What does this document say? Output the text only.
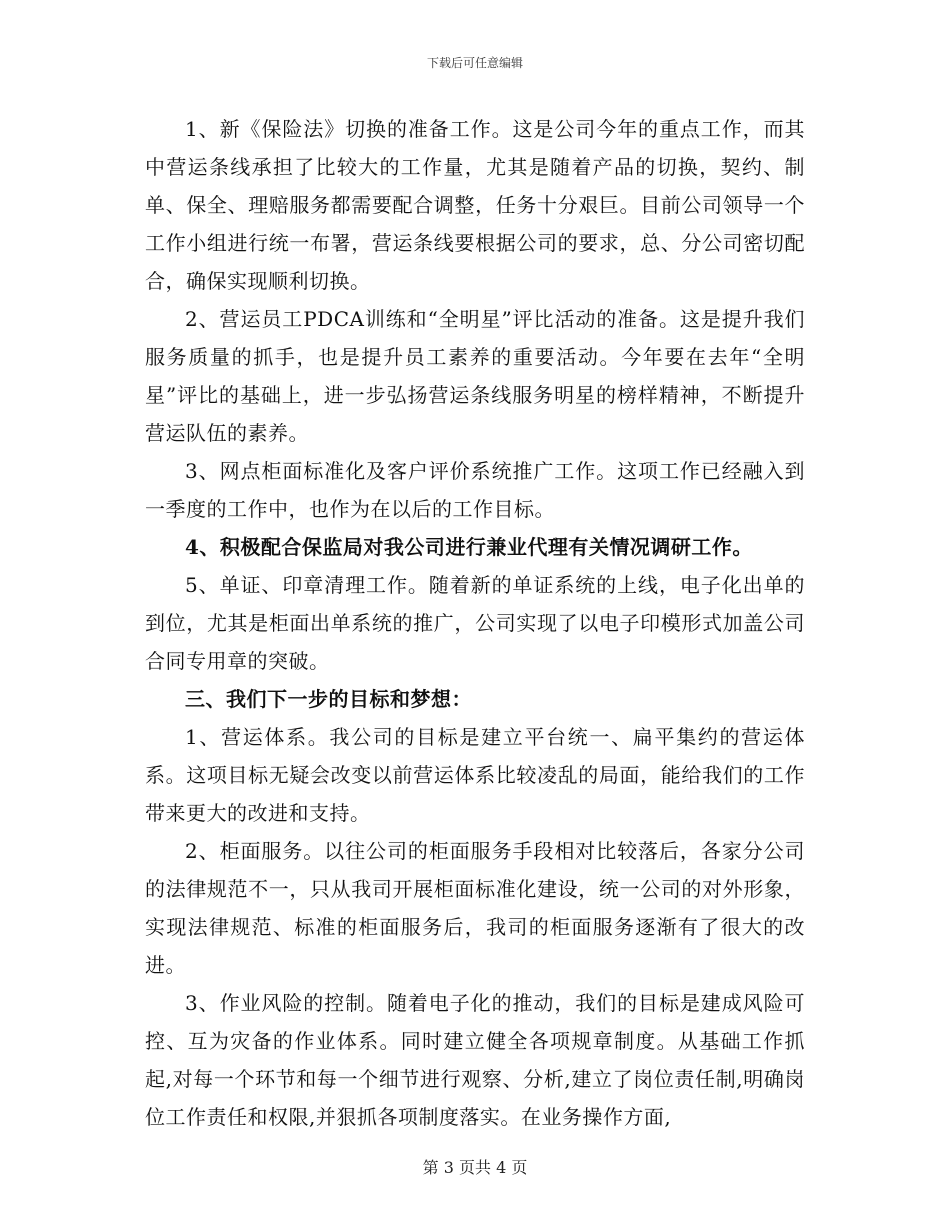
下载后可任意编辑

1、新《保险法》切换的准备工作。这是公司今年的重点工作，而其中营运条线承担了比较大的工作量，尤其是随着产品的切换，契约、制单、保全、理赔服务都需要配合调整，任务十分艰巨。目前公司领导一个工作小组进行统一布署，营运条线要根据公司的要求，总、分公司密切配合，确保实现顺利切换。

2、营运员工PDCA训练和“全明星”评比活动的准备。这是提升我们服务质量的抓手，也是提升员工素养的重要活动。今年要在去年“全明星”评比的基础上，进一步弘扬营运条线服务明星的榜样精神，不断提升营运队伍的素养。

3、网点柜面标准化及客户评价系统推广工作。这项工作已经融入到一季度的工作中，也作为在以后的工作目标。

4、积极配合保监局对我公司进行兼业代理有关情况调研工作。

5、单证、印章清理工作。随着新的单证系统的上线，电子化出单的到位，尤其是柜面出单系统的推广，公司实现了以电子印模形式加盖公司合同专用章的突破。

三、我们下一步的目标和梦想：

1、营运体系。我公司的目标是建立平台统一、扁平集约的营运体系。这项目标无疑会改变以前营运体系比较凌乱的局面，能给我们的工作带来更大的改进和支持。

2、柜面服务。以往公司的柜面服务手段相对比较落后，各家分公司的法律规范不一，只从我司开展柜面标准化建设，统一公司的对外形象，实现法律规范、标准的柜面服务后，我司的柜面服务逐渐有了很大的改进。

3、作业风险的控制。随着电子化的推动，我们的目标是建成风险可控、互为灾备的作业体系。同时建立健全各项规章制度。从基础工作抓起,对每一个环节和每一个细节进行观察、分析,建立了岗位责任制,明确岗位工作责任和权限,并狠抓各项制度落实。在业务操作方面,

第 3 页共 4 页
